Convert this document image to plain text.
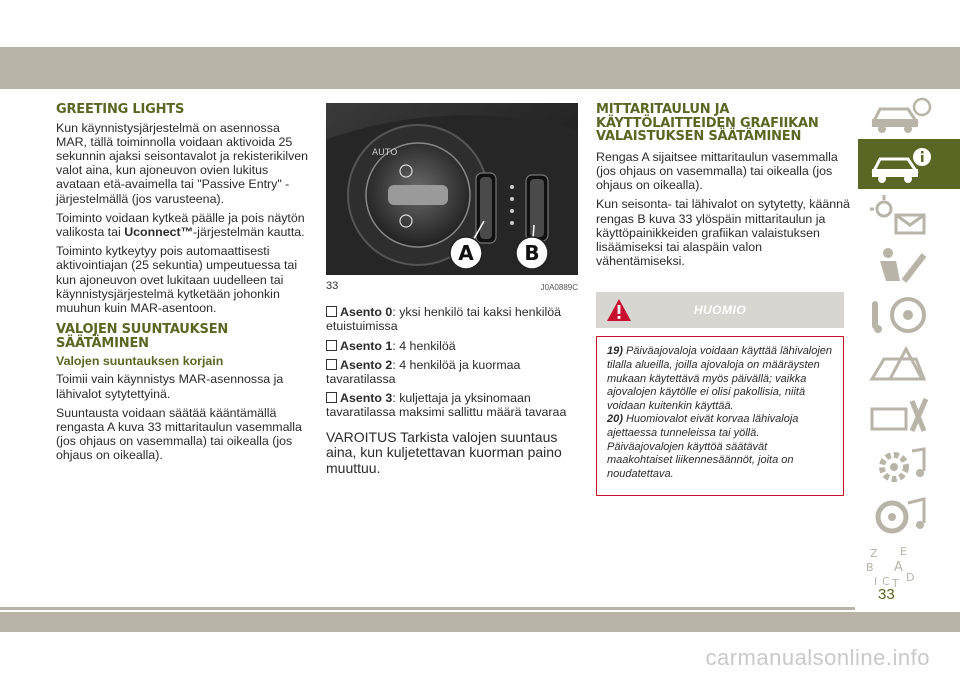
GREETING LIGHTS

Kun käynnistysjärjestelmä on asennossa MAR, tällä toiminnolla voidaan aktivoida 25 sekunnin ajaksi seisontavalot ja rekisterikilven valot aina, kun ajoneuvon ovien lukitus avataan etä-avaimella tai "Passive Entry" -järjestelmällä (jos varusteena).

Toiminto voidaan kytkeä päälle ja pois näytön valikosta tai Uconnect™-järjestelmän kautta.

Toiminto kytkeytyy pois automaattisesti aktivointiajan (25 sekuntia) umpeutuessa tai kun ajoneuvon ovet lukitaan uudelleen tai käynnistysjärjestelmä kytketään johonkin muuhun kuin MAR-asentoon.

VALOJEN SUUNTAUKSEN SÄÄTÄMINEN
Valojen suuntauksen korjain

Toimii vain käynnistys MAR-asennossa ja lähivalot sytytettyinä.

Suuntausta voidaan säätää kääntämällä rengasta A kuva 33 mittaritaulun vasemmalla (jos ohjaus on vasemmalla) tai oikealla (jos ohjaus on oikealla).

AUTO
A	B
33	J0A0889C

Asento 0: yksi henkilö tai kaksi henkilöä etuistuimissa

Asento 1: 4 henkilöä

Asento 2: 4 henkilöä ja kuormaa tavaratilassa

Asento 3: kuljettaja ja yksinomaan tavaratilassa maksimi sallittu määrä tavaraa

VAROITUS Tarkista valojen suuntaus aina, kun kuljetettavan kuorman paino muuttuu.
MITTARITAULUN JA KÄYTTÖLAITTEIDEN GRAFIIKAN VALAISTUKSEN SÄÄTÄMINEN

Rengas A sijaitsee mittaritaulun vasemmalla (jos ohjaus on vasemmalla) tai oikealla (jos ohjaus on oikealla).

Kun seisonta- tai lähivalot on sytytetty, käännä rengas B kuva 33 ylöspäin mittaritaulun ja käyttöpainikkeiden grafiikan valaistuksen lisäämiseksi tai alaspäin valon vähentämiseksi.

HUOMIO

19) Päiväajovaloja voidaan käyttää lähivalojen tilalla alueilla, joilla ajovaloja on määräysten mukaan käytettävä myös päivällä; vaikka ajovalojen käytölle ei olisi pakollisia, niitä voidaan kuitenkin käyttää.

20) Huomiovalot eivät korvaa lähivaloja ajettaessa tunneleissa tai yöllä. Päiväajovalojen käyttöä säätävät maakohtaiset liikennesäännöt, joita on noudatettava.

Z E
B A
I C T D
33
carmanualsonline.info
